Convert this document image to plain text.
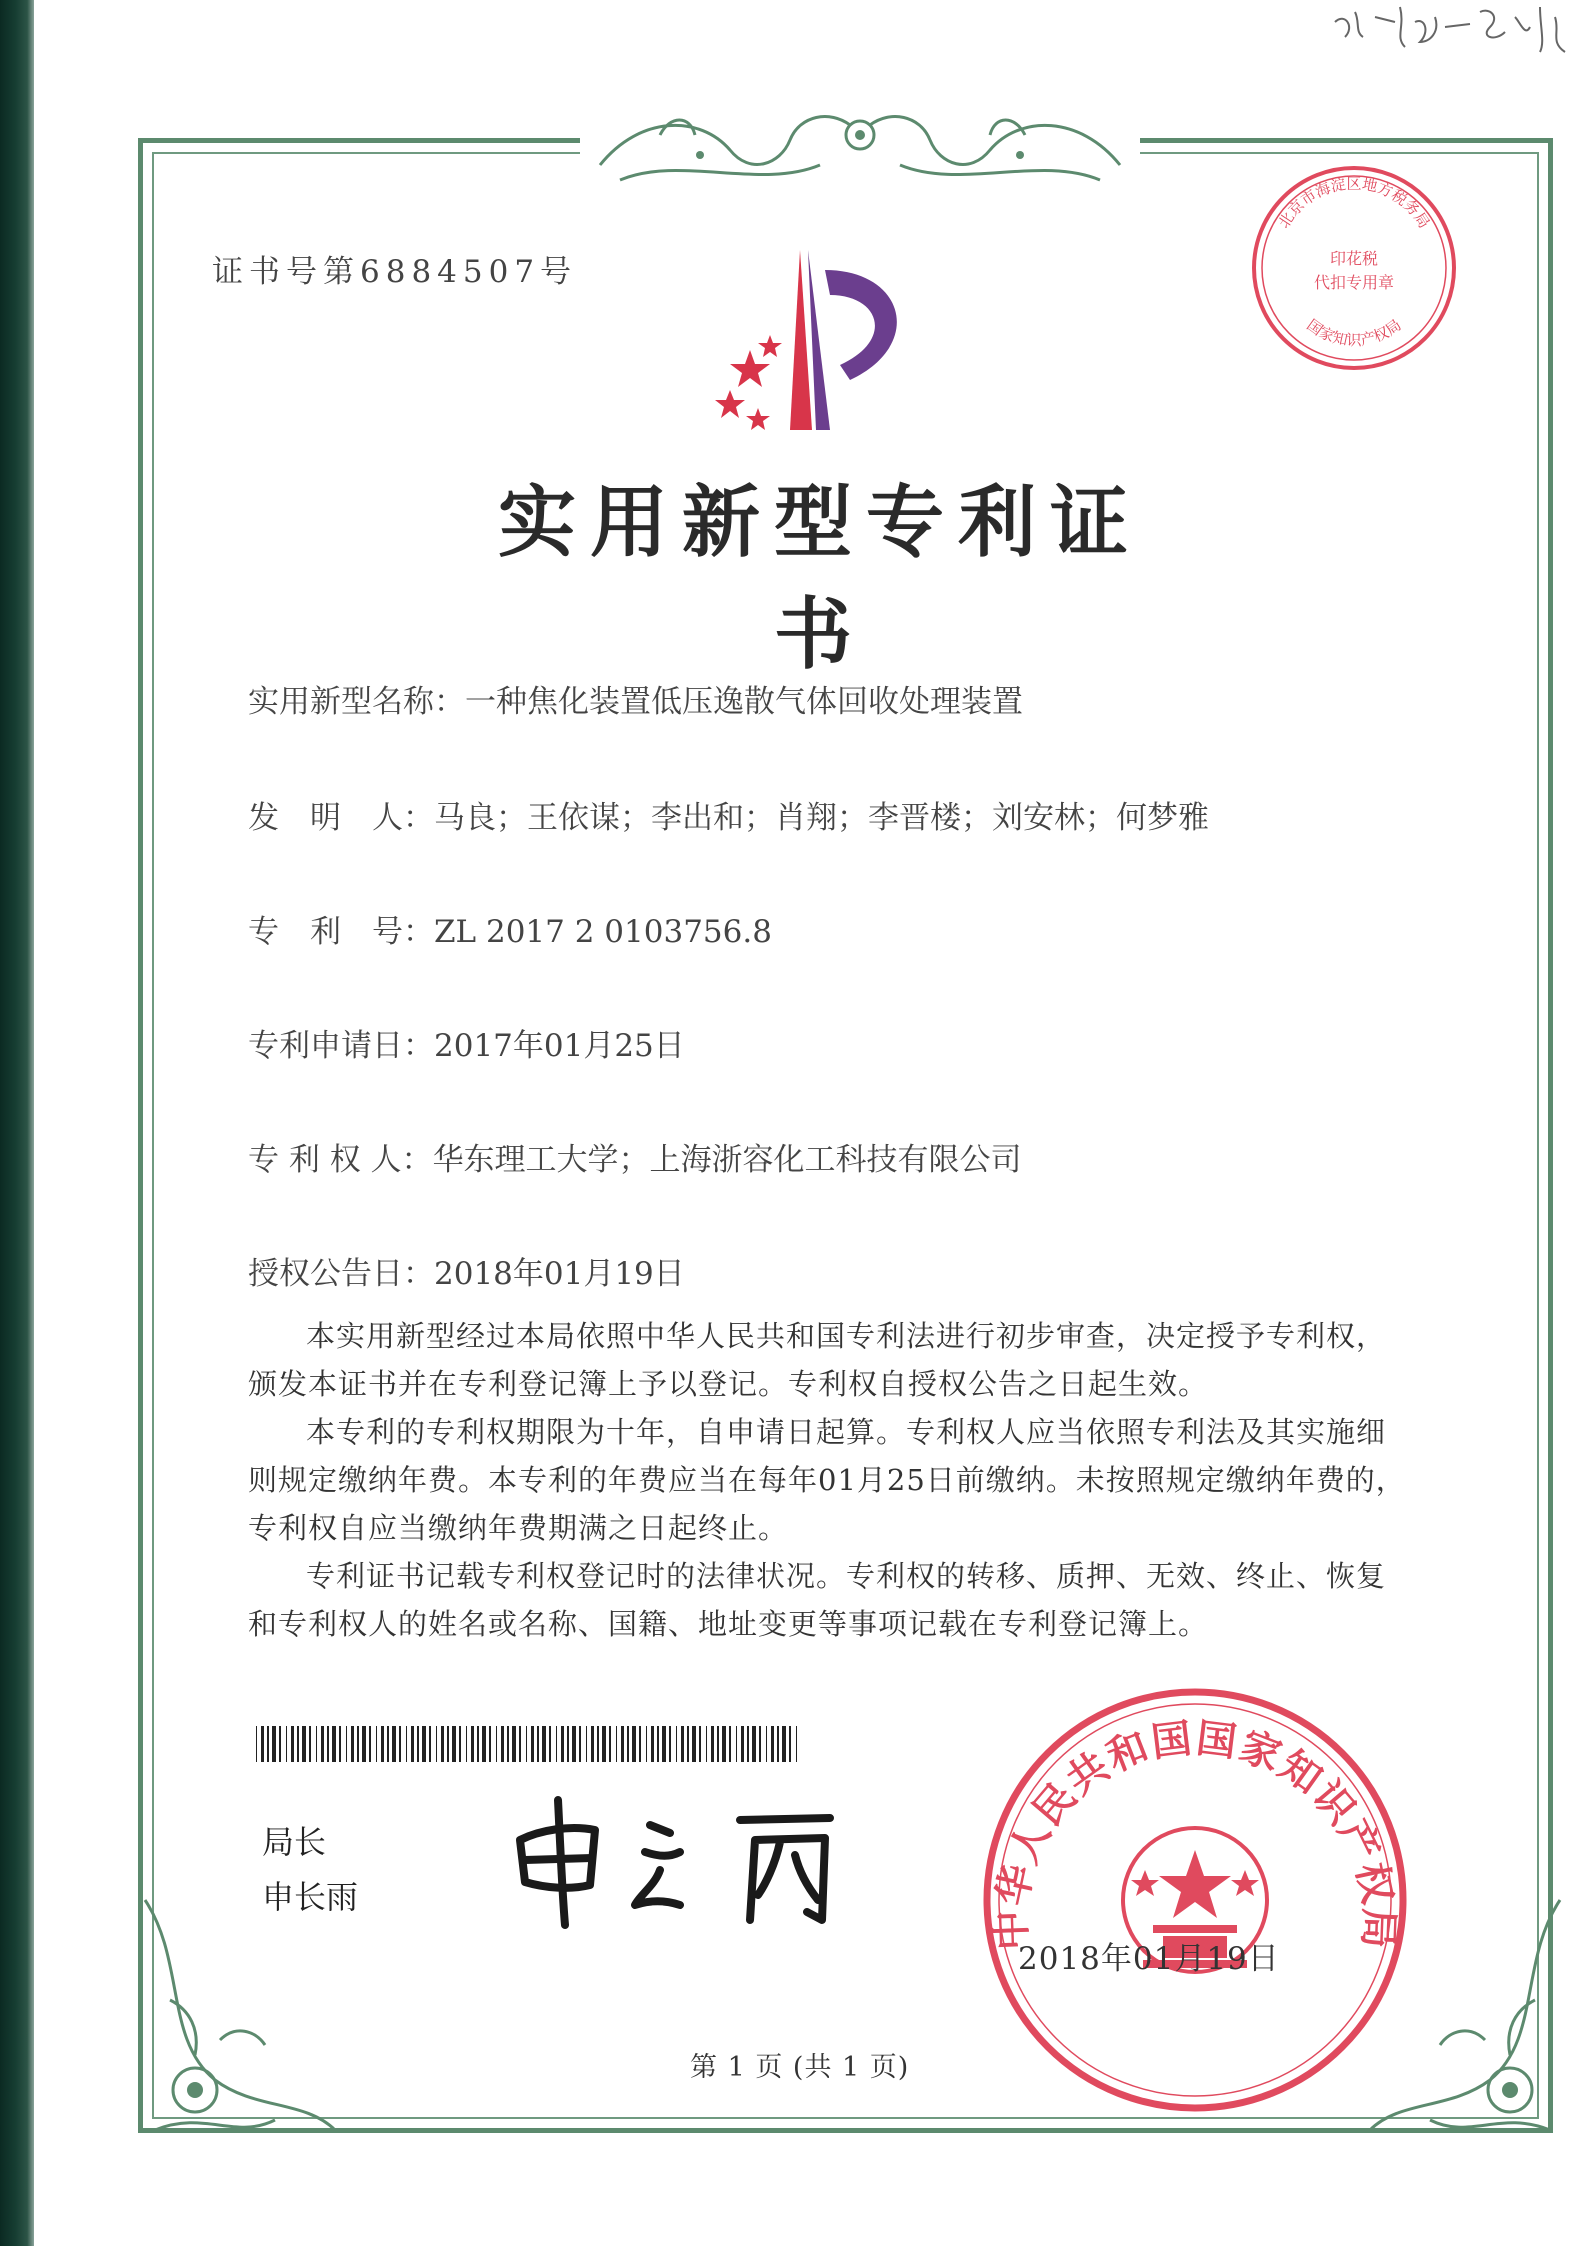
证书号第6884507号
北京市海淀区地方税务局
印花税
代扣专用章
国家知识产权局
实用新型专利证书
实用新型名称：一种焦化装置低压逸散气体回收处理装置
发　明　人：马良；王依谋；李出和；肖翔；李晋楼；刘安林；何梦雅
专　利　号：ZL 2017 2 0103756.8
专利申请日：2017年01月25日
专 利 权 人：华东理工大学；上海浙容化工科技有限公司
授权公告日：2018年01月19日

本实用新型经过本局依照中华人民共和国专利法进行初步审查，决定授予专利权，颁发本证书并在专利登记簿上予以登记。专利权自授权公告之日起生效。

本专利的专利权期限为十年，自申请日起算。专利权人应当依照专利法及其实施细则规定缴纳年费。本专利的年费应当在每年01月25日前缴纳。未按照规定缴纳年费的，专利权自应当缴纳年费期满之日起终止。

专利证书记载专利权登记时的法律状况。专利权的转移、质押、无效、终止、恢复和专利权人的姓名或名称、国籍、地址变更等事项记载在专利登记簿上。

局长
申长雨
中华人民共和国国家知识产权局
2018年01月19日
第 1 页 (共 1 页)
